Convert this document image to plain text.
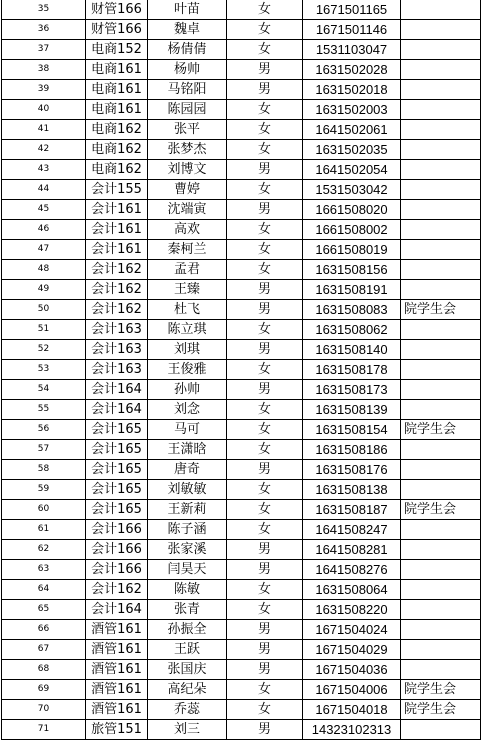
35	财管166	叶苗	女	1671501165	
36	财管166	魏卓	女	1671501146	
37	电商152	杨倩倩	女	1531103047	
38	电商161	杨帅	男	1631502028	
39	电商161	马铭阳	男	1631502018	
40	电商161	陈园园	女	1631502003	
41	电商162	张平	女	1641502061	
42	电商162	张梦杰	女	1631502035	
43	电商162	刘博文	男	1641502054	
44	会计155	曹婷	女	1531503042	
45	会计161	沈端寅	男	1661508020	
46	会计161	高欢	女	1661508002	
47	会计161	秦柯兰	女	1661508019	
48	会计162	孟君	女	1631508156	
49	会计162	王臻	男	1631508191	
50	会计162	杜飞	男	1631508083	院学生会
51	会计163	陈立琪	女	1631508062	
52	会计163	刘琪	男	1631508140	
53	会计163	王俊雅	女	1631508178	
54	会计164	孙帅	男	1631508173	
55	会计164	刘念	女	1631508139	
56	会计165	马可	女	1631508154	院学生会
57	会计165	王潇晗	女	1631508186	
58	会计165	唐奇	男	1631508176	
59	会计165	刘敏敏	女	1631508138	
60	会计165	王新莉	女	1631508187	院学生会
61	会计166	陈子涵	女	1641508247	
62	会计166	张家溪	男	1641508281	
63	会计166	闫昊天	男	1641508276	
64	会计162	陈敏	女	1631508064	
65	会计164	张青	女	1631508220	
66	酒管161	孙振全	男	1671504024	
67	酒管161	王跃	男	1671504029	
68	酒管161	张国庆	男	1671504036	
69	酒管161	高纪朵	女	1671504006	院学生会
70	酒管161	乔蕊	女	1671504018	院学生会
71	旅管151	刘三	男	14323102313	
